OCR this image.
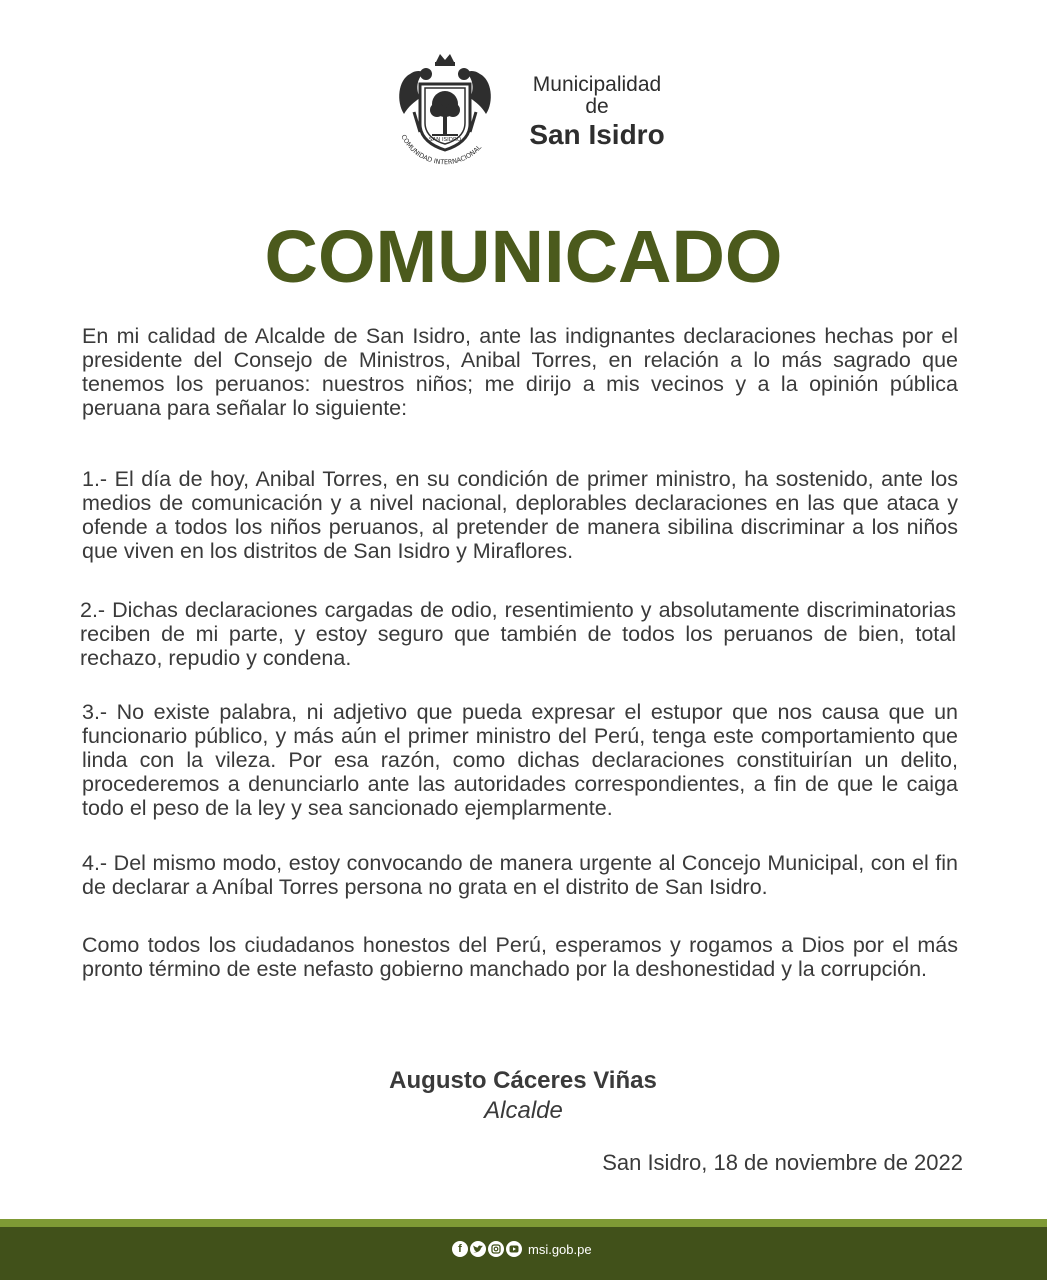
COMUNIDAD INTERNACIONAL
SAN ISIDRO
Municipalidad
de
San Isidro
COMUNICADO

En mi calidad de Alcalde de San Isidro, ante las indignantes declaraciones hechas por el presidente del Consejo de Ministros, Anibal Torres, en relación a lo más sagrado que tenemos los peruanos: nuestros niños; me dirijo a mis vecinos y a la opinión pública peruana para señalar lo siguiente:

1.- El día de hoy, Anibal Torres, en su condición de primer ministro, ha sostenido, ante los medios de comunicación y a nivel nacional, deplorables declaraciones en las que ataca y ofende a todos los niños peruanos, al pretender de manera sibilina discriminar a los niños que viven en los distritos de San Isidro y Miraflores.

2.- Dichas declaraciones cargadas de odio, resentimiento y absolutamente discriminatorias reciben de mi parte, y estoy seguro que también de todos los peruanos de bien, total rechazo, repudio y condena.

3.- No existe palabra, ni adjetivo que pueda expresar el estupor que nos causa que un funcionario público, y más aún el primer ministro del Perú, tenga este comportamiento que linda con la vileza. Por esa razón, como dichas declaraciones constituirían un delito, procederemos a denunciarlo ante las autoridades correspondientes, a fin de que le caiga todo el peso de la ley y sea sancionado ejemplarmente.

4.- Del mismo modo, estoy convocando de manera urgente al Concejo Municipal, con el fin de declarar a Aníbal Torres persona no grata en el distrito de San Isidro.

Como todos los ciudadanos honestos del Perú, esperamos y rogamos a Dios por el más pronto término de este nefasto gobierno manchado por la deshonestidad y la corrupción.

Augusto Cáceres Viñas
Alcalde
San Isidro, 18 de noviembre de 2022
f	msi.gob.pe
